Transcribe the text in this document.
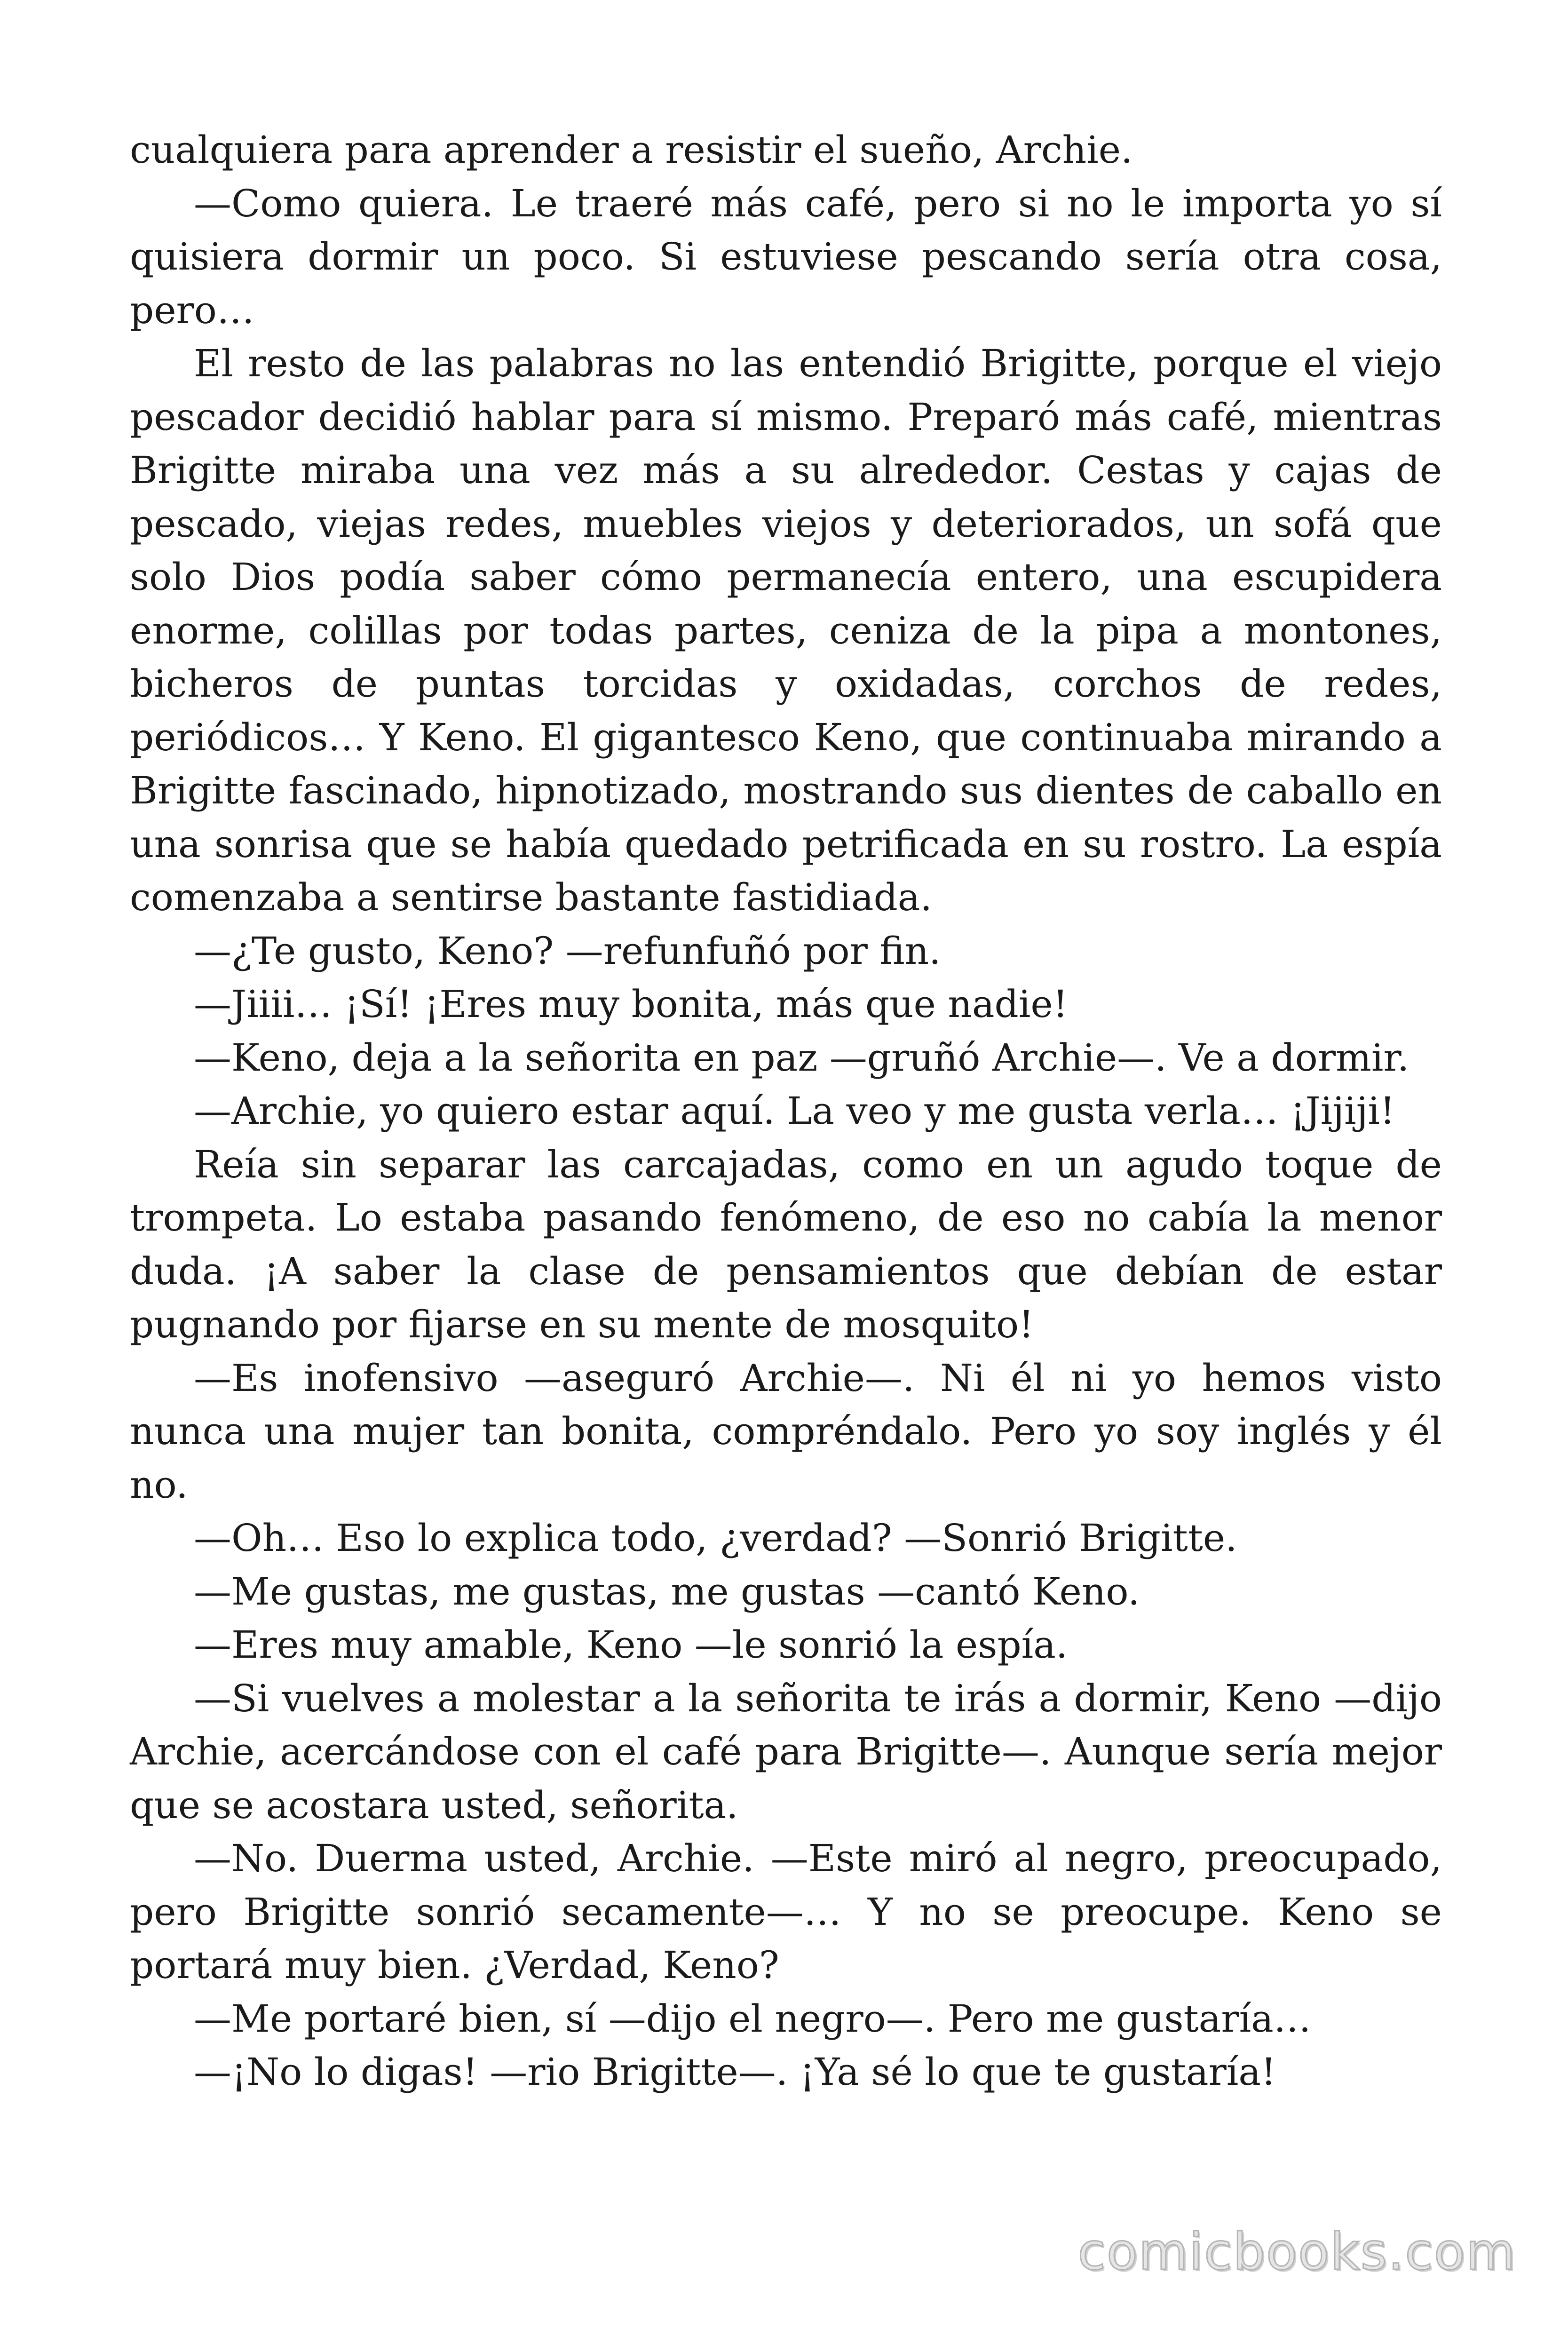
cualquiera para aprender a resistir el sueño, Archie.

—Como quiera. Le traeré más café, pero si no le importa yo sí quisiera dormir un poco. Si estuviese pescando sería otra cosa, pero…

El resto de las palabras no las entendió Brigitte, porque el viejo pescador decidió hablar para sí mismo. Preparó más café, mientras Brigitte miraba una vez más a su alrededor. Cestas y cajas de pescado, viejas redes, muebles viejos y deteriorados, un sofá que solo Dios podía saber cómo permanecía entero, una escupidera enorme, colillas por todas partes, ceniza de la pipa a montones, bicheros de puntas torcidas y oxidadas, corchos de redes, periódicos… Y Keno. El gigantesco Keno, que continuaba mirando a Brigitte fascinado, hipnotizado, mostrando sus dientes de caballo en una sonrisa que se había quedado petrificada en su rostro. La espía comenzaba a sentirse bastante fastidiada.

—¿Te gusto, Keno? —refunfuñó por fin.

—Jiiii… ¡Sí! ¡Eres muy bonita, más que nadie!

—Keno, deja a la señorita en paz —gruñó Archie—. Ve a dormir.

—Archie, yo quiero estar aquí. La veo y me gusta verla… ¡Jijiji!

Reía sin separar las carcajadas, como en un agudo toque de trompeta. Lo estaba pasando fenómeno, de eso no cabía la menor duda. ¡A saber la clase de pensamientos que debían de estar pugnando por fijarse en su mente de mosquito!

—Es inofensivo —aseguró Archie—. Ni él ni yo hemos visto nunca una mujer tan bonita, compréndalo. Pero yo soy inglés y él no.

—Oh… Eso lo explica todo, ¿verdad? —Sonrió Brigitte.

—Me gustas, me gustas, me gustas —cantó Keno.

—Eres muy amable, Keno —le sonrió la espía.

—Si vuelves a molestar a la señorita te irás a dormir, Keno —dijo Archie, acercándose con el café para Brigitte—. Aunque sería mejor que se acostara usted, señorita.

—No. Duerma usted, Archie. —Este miró al negro, preocupado, pero Brigitte sonrió secamente—… Y no se preocupe. Keno se portará muy bien. ¿Verdad, Keno?

—Me portaré bien, sí —dijo el negro—. Pero me gustaría…

—¡No lo digas! —rio Brigitte—. ¡Ya sé lo que te gustaría!

comicbooks.com
